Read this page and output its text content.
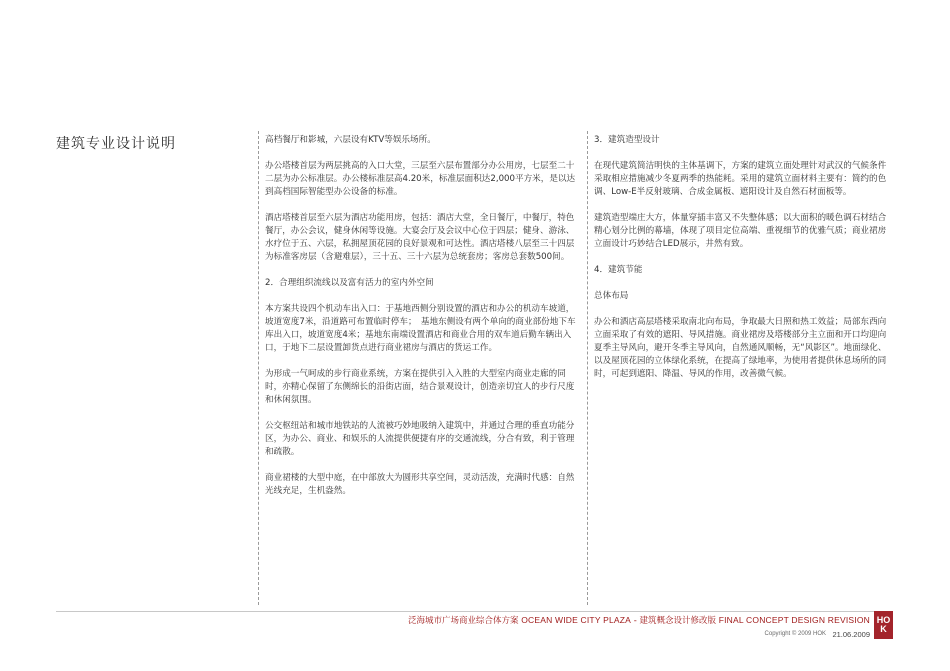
建筑专业设计说明	高档餐厅和影城，六层设有KTV等娱乐场所。

办公塔楼首层为两层挑高的入口大堂，三层至六层布置部分办公用房，七层至二十二层为办公标准层。办公楼标准层高4.20米，标准层面积达2,000平方米，是以达到高档国际智能型办公设备的标准。

酒店塔楼首层至六层为酒店功能用房，包括：酒店大堂，全日餐厅，中餐厅，特色餐厅，办公会议，健身休闲等设施。大宴会厅及会议中心位于四层；健身、游泳、水疗位于五、六层，私拥屋顶花园的良好景观和可达性。酒店塔楼八层至三十四层为标准客房层（含避难层），三十五、三十六层为总统套房；客房总套数500间。

2．合理组织流线以及富有活力的室内外空间

本方案共设四个机动车出入口：于基地西侧分别设置的酒店和办公的机动车坡道，坡道宽度7米，沿道路可布置临时停车；　基地东侧设有两个单向的商业部份地下车库出入口，坡道宽度4米；基地东南端设置酒店和商业合用的双车道后勤车辆出入口，于地下二层设置卸货点进行商业裙房与酒店的货运工作。

为形成一气呵成的步行商业系统，方案在提供引入入胜的大型室内商业走廊的同时，亦精心保留了东侧绵长的沿街店面，结合景观设计，创造亲切宜人的步行尺度和休闲氛围。

公交枢纽站和城市地铁站的人流被巧妙地吸纳入建筑中，并通过合理的垂直功能分区，为办公、商业、和娱乐的人流提供便捷有序的交通流线，分合有致，利于管理和疏散。

商业裙楼的大型中庭，在中部放大为圆形共享空间，灵动活泼，充满时代感：自然光线充足，生机盎然。

3．建筑造型设计

在现代建筑简洁明快的主体基调下，方案的建筑立面处理针对武汉的气候条件采取相应措施减少冬夏两季的热能耗。采用的建筑立面材料主要有：简约的色调、Low-E半反射玻璃、合成金属板、遮阳设计及自然石材面板等。

建筑造型端庄大方，体量穿插丰富又不失整体感；以大面积的暖色调石材结合精心划分比例的幕墙，体现了项目定位高端、重视细节的优雅气质；商业裙房立面设计巧妙结合LED展示，井然有致。

4．建筑节能

总体布局

办公和酒店高层塔楼采取南北向布局，争取最大日照和热工效益；局部东西向立面采取了有效的遮阳、导风措施。商业裙房及塔楼部分主立面和开口均迎向夏季主导风向，避开冬季主导风向，自然通风顺畅，无“风影区”。地面绿化、以及屋顶花园的立体绿化系统，在提高了绿地率，为使用者提供休息场所的同时，可起到遮阳、降温、导风的作用，改善微气候。

泛海城市广场商业综合体方案 OCEAN WIDE CITY PLAZA - 建筑概念设计修改版 FINAL CONCEPT DESIGN REVISION
Copyright © 2009 HOK 21.06.2009
HO
K
